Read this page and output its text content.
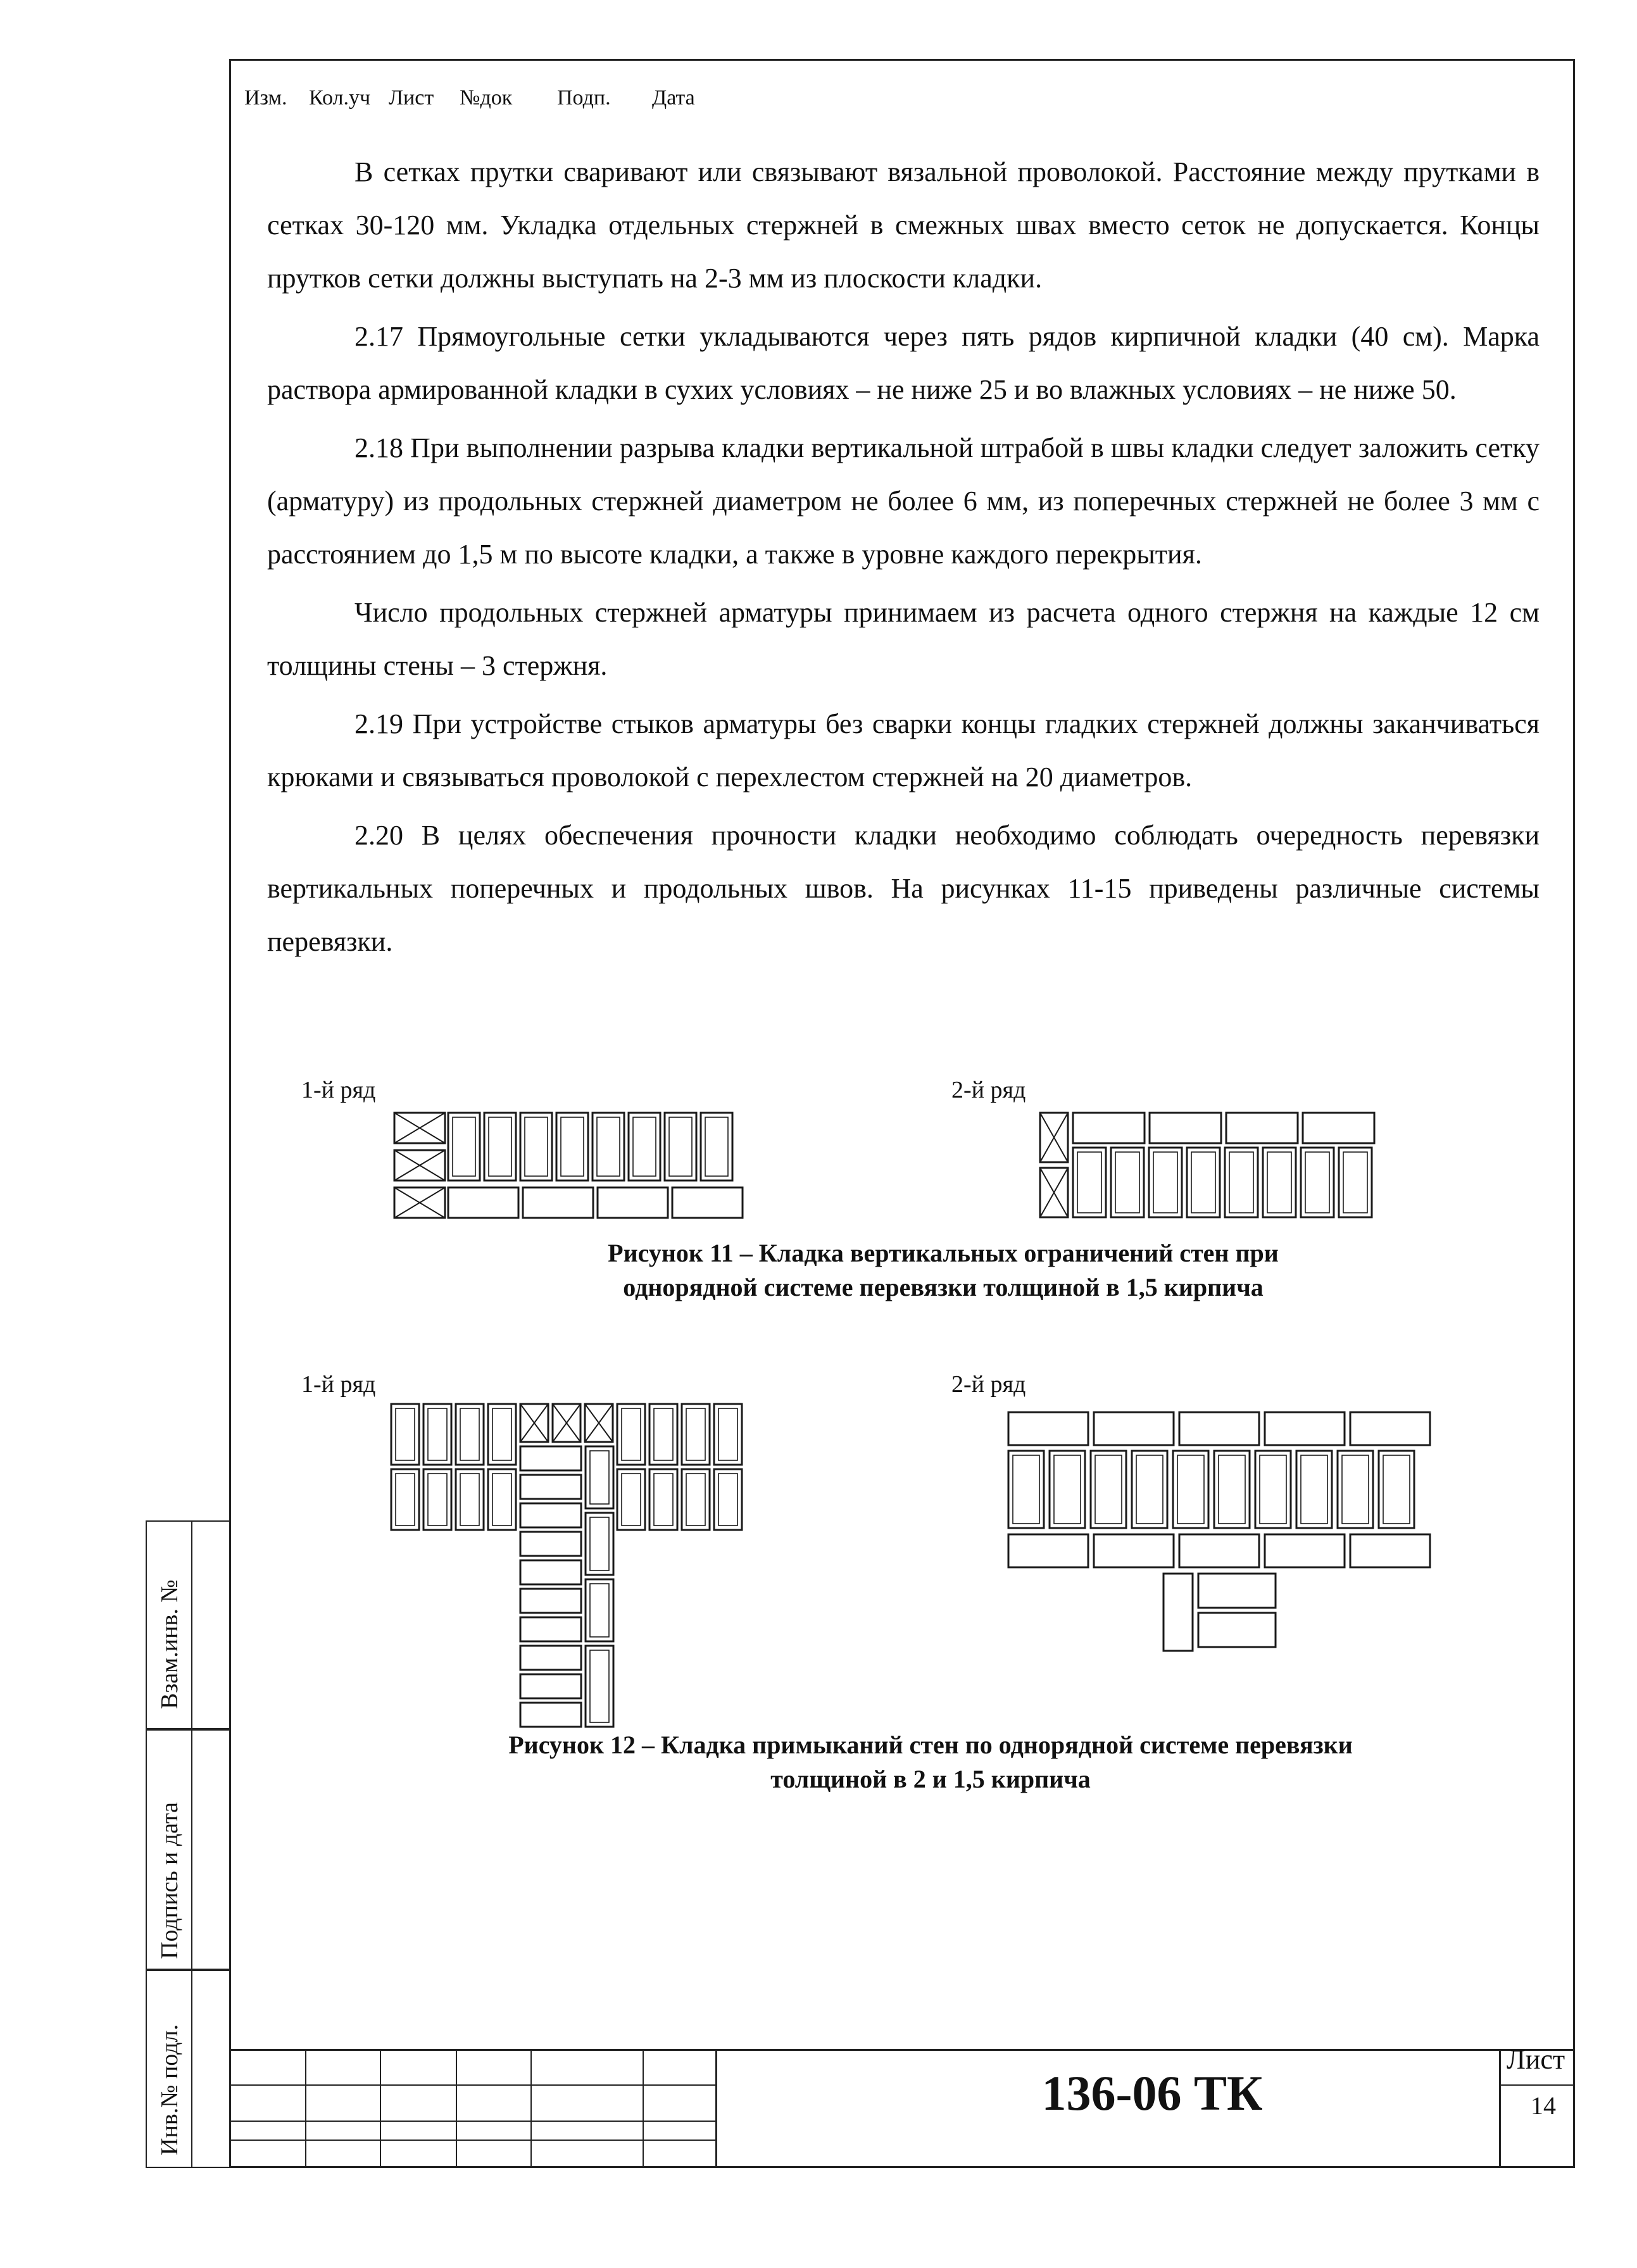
Взам.инв. №
Подпись и дата
Инв.№ подл.

В сетках прутки сваривают или связывают вязальной проволокой. Расстояние между прутками в сетках 30-120 мм. Укладка отдельных стержней в смежных швах вместо сеток не допускается. Концы прутков сетки должны выступать на 2-3 мм из плоскости кладки.

2.17 Прямоугольные сетки укладываются через пять рядов кирпичной кладки (40 см). Марка раствора армированной кладки в сухих условиях – не ниже 25 и во влажных условиях – не ниже 50.

2.18 При выполнении разрыва кладки вертикальной штрабой в швы кладки следует заложить сетку (арматуру) из продольных стержней диаметром не более 6 мм, из поперечных стержней не более 3 мм с расстоянием до 1,5 м по высоте кладки, а также в уровне каждого перекрытия.

Число продольных стержней арматуры принимаем из расчета одного стержня на каждые 12 см толщины стены – 3 стержня.

2.19 При устройстве стыков арматуры без сварки концы гладких стержней должны заканчиваться крюками и связываться проволокой с перехлестом стержней на 20 диаметров.

2.20 В целях обеспечения прочности кладки необходимо соблюдать очередность перевязки вертикальных поперечных и продольных швов. На рисунках 11-15 приведены различные системы перевязки.

1-й ряд	2-й ряд
Рисунок 11 – Кладка вертикальных ограничений стен при
однорядной системе перевязки толщиной в 1,5 кирпича
1-й ряд	2-й ряд
Рисунок 12 – Кладка примыканий стен по однорядной системе перевязки
толщиной в 2 и 1,5 кирпича
Изм. Кол.уч Лист №док Подп. Дата
136-06 ТК
Лист
14
